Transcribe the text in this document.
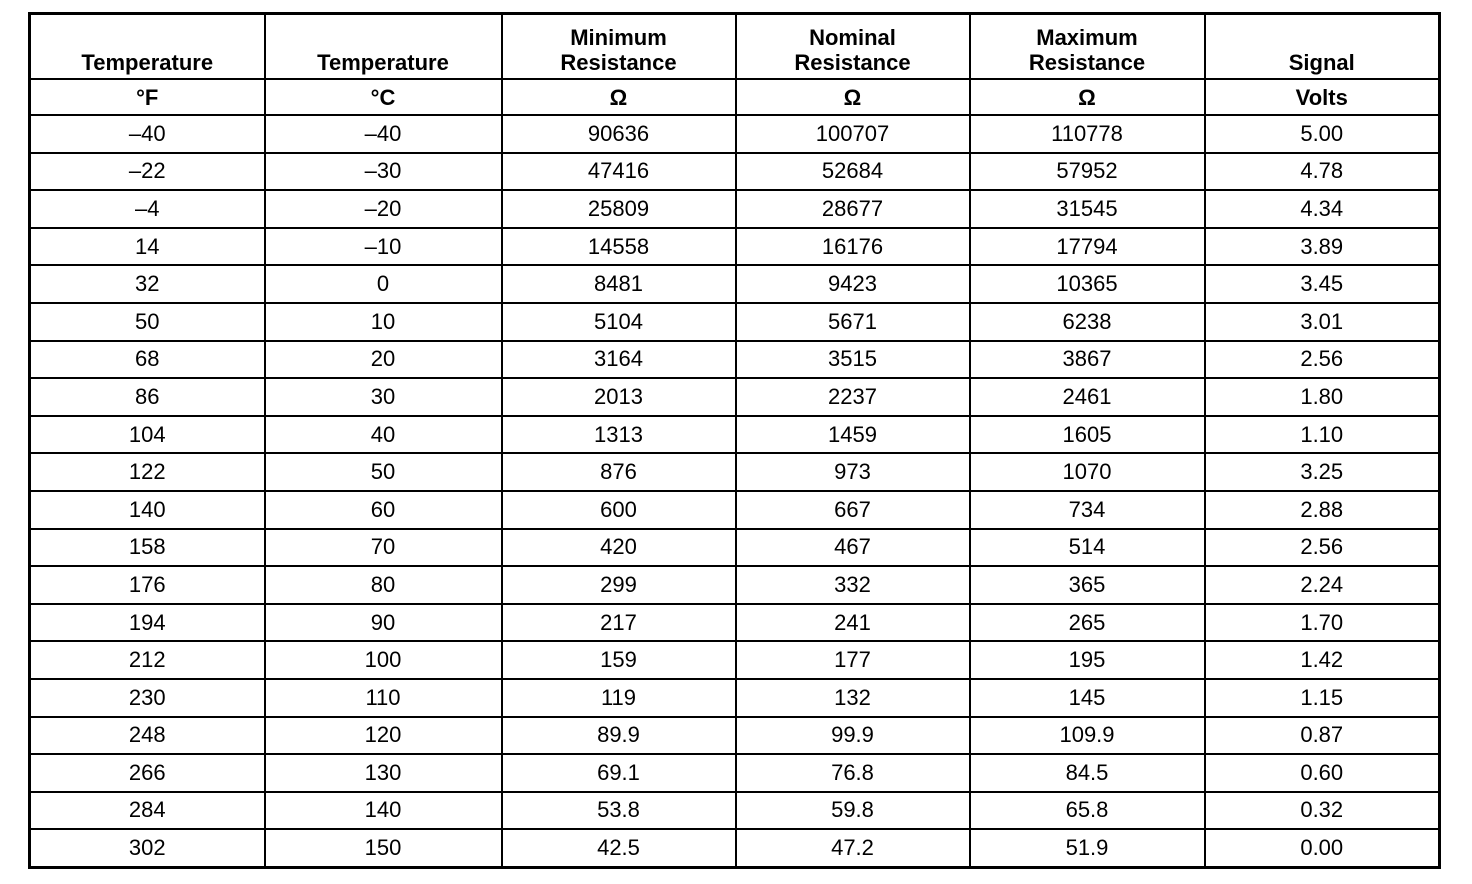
Temperature	Temperature	Minimum Resistance	Nominal Resistance	Maximum Resistance	Signal
°F	°C	Ω	Ω	Ω	Volts
–40	–40	90636	100707	110778	5.00
–22	–30	47416	52684	57952	4.78
–4	–20	25809	28677	31545	4.34
14	–10	14558	16176	17794	3.89
32	0	8481	9423	10365	3.45
50	10	5104	5671	6238	3.01
68	20	3164	3515	3867	2.56
86	30	2013	2237	2461	1.80
104	40	1313	1459	1605	1.10
122	50	876	973	1070	3.25
140	60	600	667	734	2.88
158	70	420	467	514	2.56
176	80	299	332	365	2.24
194	90	217	241	265	1.70
212	100	159	177	195	1.42
230	110	119	132	145	1.15
248	120	89.9	99.9	109.9	0.87
266	130	69.1	76.8	84.5	0.60
284	140	53.8	59.8	65.8	0.32
302	150	42.5	47.2	51.9	0.00
